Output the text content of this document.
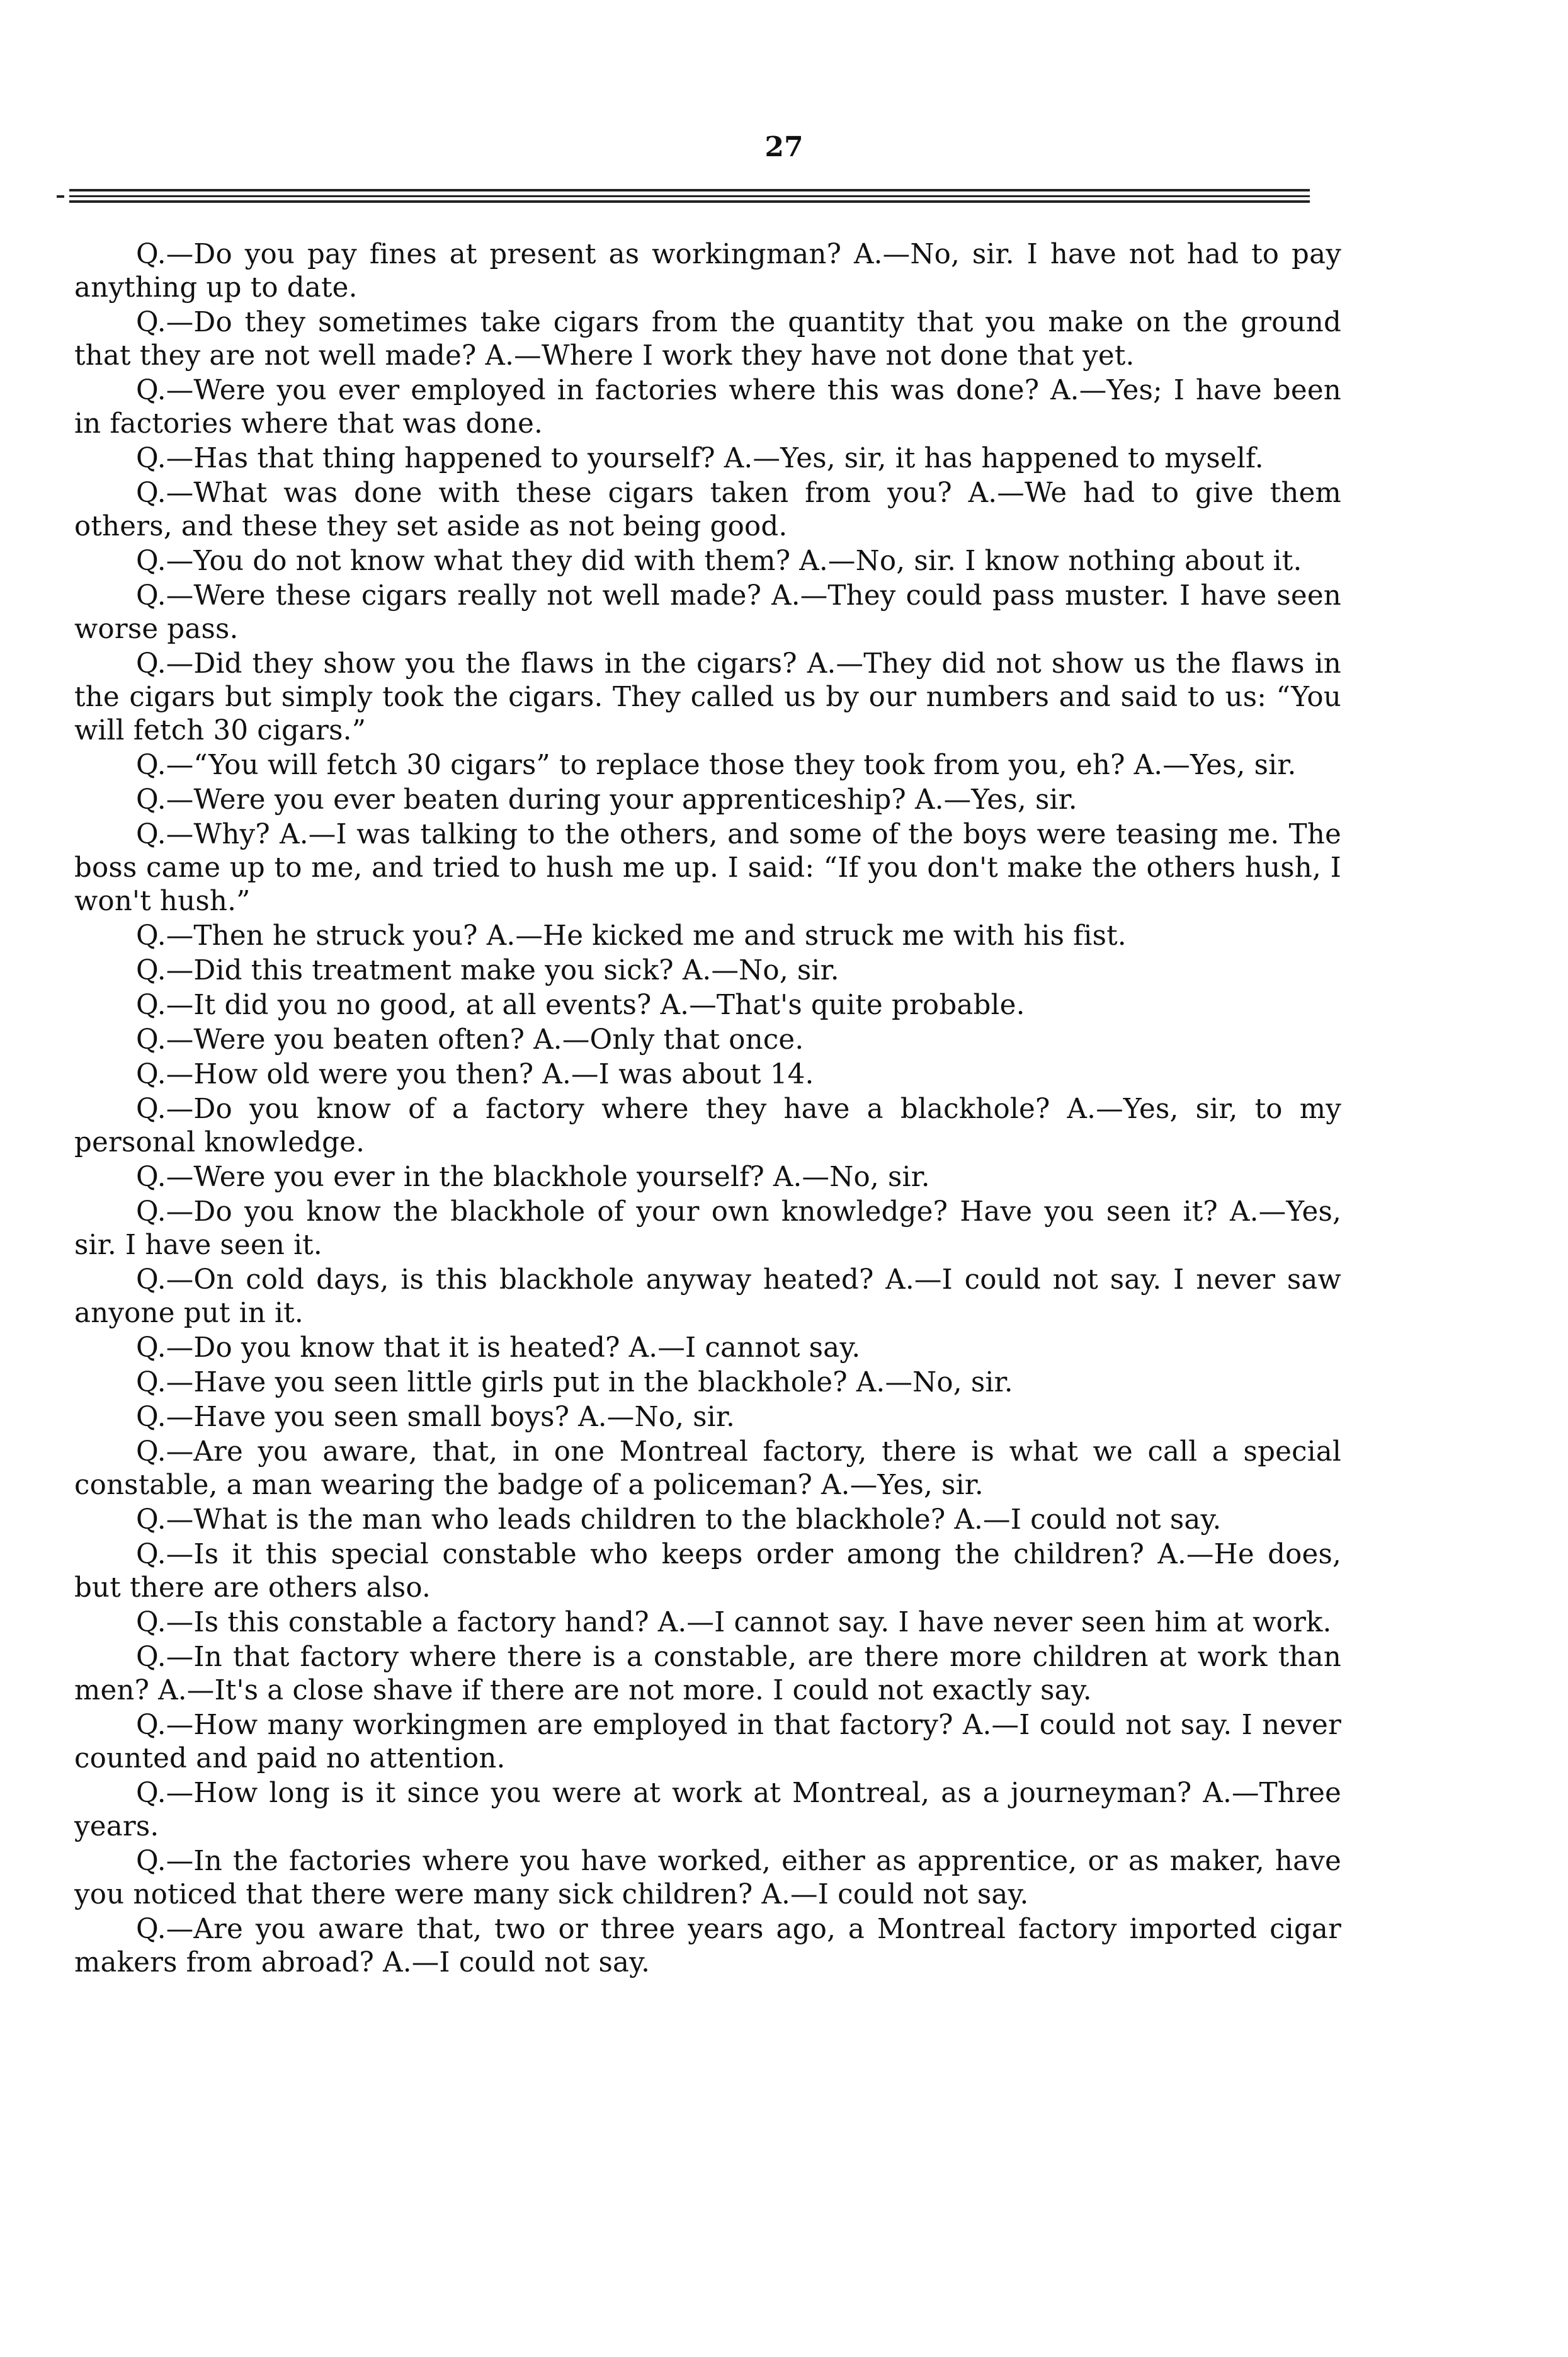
27

Q.—Do you pay fines at present as workingman? A.—No, sir. I have not had to pay anything up to date.

Q.—Do they sometimes take cigars from the quantity that you make on the ground that they are not well made? A.—Where I work they have not done that yet.

Q.—Were you ever employed in factories where this was done? A.—Yes; I have been in factories where that was done.

Q.—Has that thing happened to yourself? A.—Yes, sir, it has happened to myself.

Q.—What was done with these cigars taken from you? A.—We had to give them others, and these they set aside as not being good.

Q.—You do not know what they did with them? A.—No, sir. I know nothing about it.

Q.—Were these cigars really not well made? A.—They could pass muster. I have seen worse pass.

Q.—Did they show you the flaws in the cigars? A.—They did not show us the flaws in the cigars but simply took the cigars. They called us by our numbers and said to us: “You will fetch 30 cigars.”

Q.—“You will fetch 30 cigars” to replace those they took from you, eh? A.—Yes, sir.

Q.—Were you ever beaten during your apprenticeship? A.—Yes, sir.

Q.—Why? A.—I was talking to the others, and some of the boys were teasing me. The boss came up to me, and tried to hush me up. I said: “If you don't make the others hush, I won't hush.”

Q.—Then he struck you? A.—He kicked me and struck me with his fist.

Q.—Did this treatment make you sick? A.—No, sir.

Q.—It did you no good, at all events? A.—That's quite probable.

Q.—Were you beaten often? A.—Only that once.

Q.—How old were you then? A.—I was about 14.

Q.—Do you know of a factory where they have a blackhole? A.—Yes, sir, to my personal knowledge.

Q.—Were you ever in the blackhole yourself? A.—No, sir.

Q.—Do you know the blackhole of your own knowledge? Have you seen it? A.—Yes, sir. I have seen it.

Q.—On cold days, is this blackhole anyway heated? A.—I could not say. I never saw anyone put in it.

Q.—Do you know that it is heated? A.—I cannot say.

Q.—Have you seen little girls put in the blackhole? A.—No, sir.

Q.—Have you seen small boys? A.—No, sir.

Q.—Are you aware, that, in one Montreal factory, there is what we call a special constable, a man wearing the badge of a policeman? A.—Yes, sir.

Q.—What is the man who leads children to the blackhole? A.—I could not say.

Q.—Is it this special constable who keeps order among the children? A.—He does, but there are others also.

Q.—Is this constable a factory hand? A.—I cannot say. I have never seen him at work.

Q.—In that factory where there is a constable, are there more children at work than men? A.—It's a close shave if there are not more. I could not exactly say.

Q.—How many workingmen are employed in that factory? A.—I could not say. I never counted and paid no attention.

Q.—How long is it since you were at work at Montreal, as a journeyman? A.—Three years.

Q.—In the factories where you have worked, either as apprentice, or as maker, have you noticed that there were many sick children? A.—I could not say.

Q.—Are you aware that, two or three years ago, a Montreal factory imported cigar makers from abroad? A.—I could not say.
